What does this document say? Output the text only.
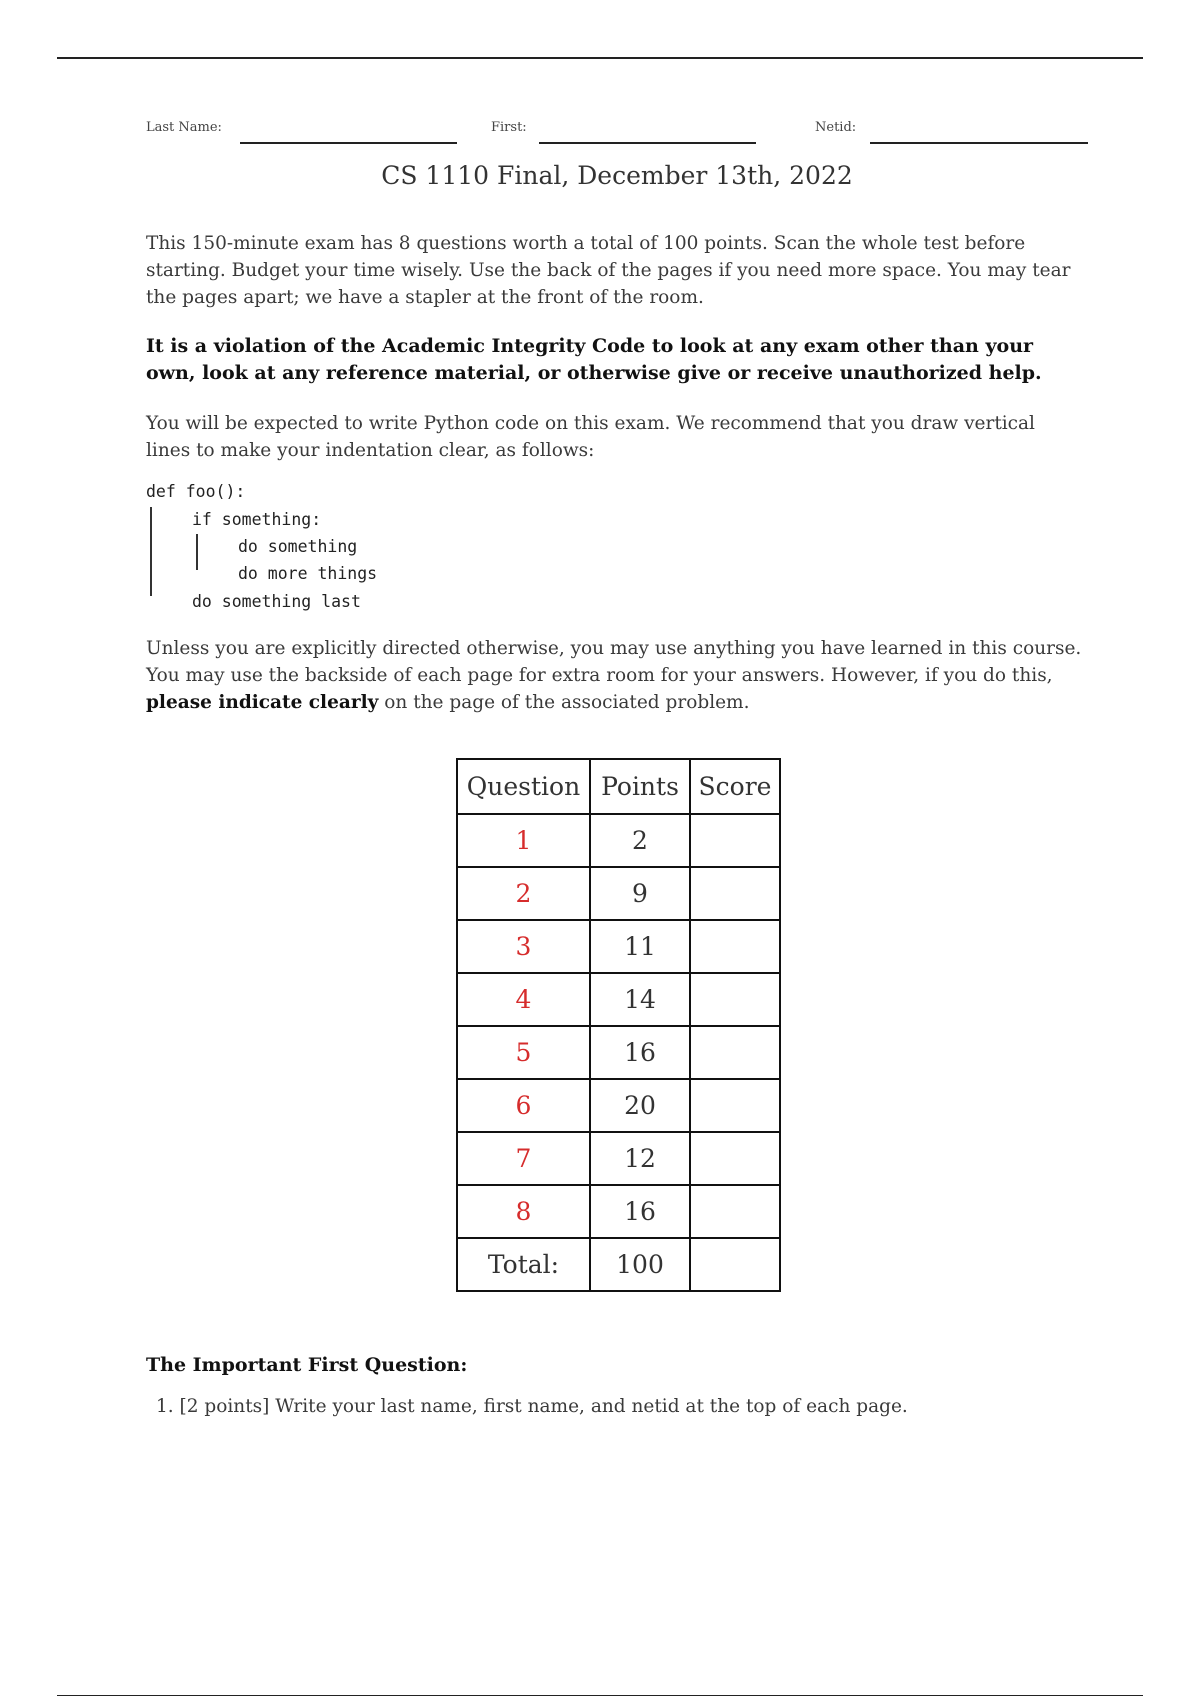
Last Name:	First:	Netid:
CS 1110 Final, December 13th, 2022
This 150-minute exam has 8 questions worth a total of 100 points. Scan the whole test before
starting. Budget your time wisely. Use the back of the pages if you need more space. You may tear
the pages apart; we have a stapler at the front of the room.
It is a violation of the Academic Integrity Code to look at any exam other than your
own, look at any reference material, or otherwise give or receive unauthorized help.
You will be expected to write Python code on this exam. We recommend that you draw vertical
lines to make your indentation clear, as follows:
def foo():
if something:
do something
do more things
do something last
Unless you are explicitly directed otherwise, you may use anything you have learned in this course.
You may use the backside of each page for extra room for your answers. However, if you do this,
please indicate clearly on the page of the associated problem.
Question	Points	Score
1	2	
2	9	
3	11	
4	14	
5	16	
6	20	
7	12	
8	16	
Total:	100	
The Important First Question:
1. [2 points] Write your last name, first name, and netid at the top of each page.
